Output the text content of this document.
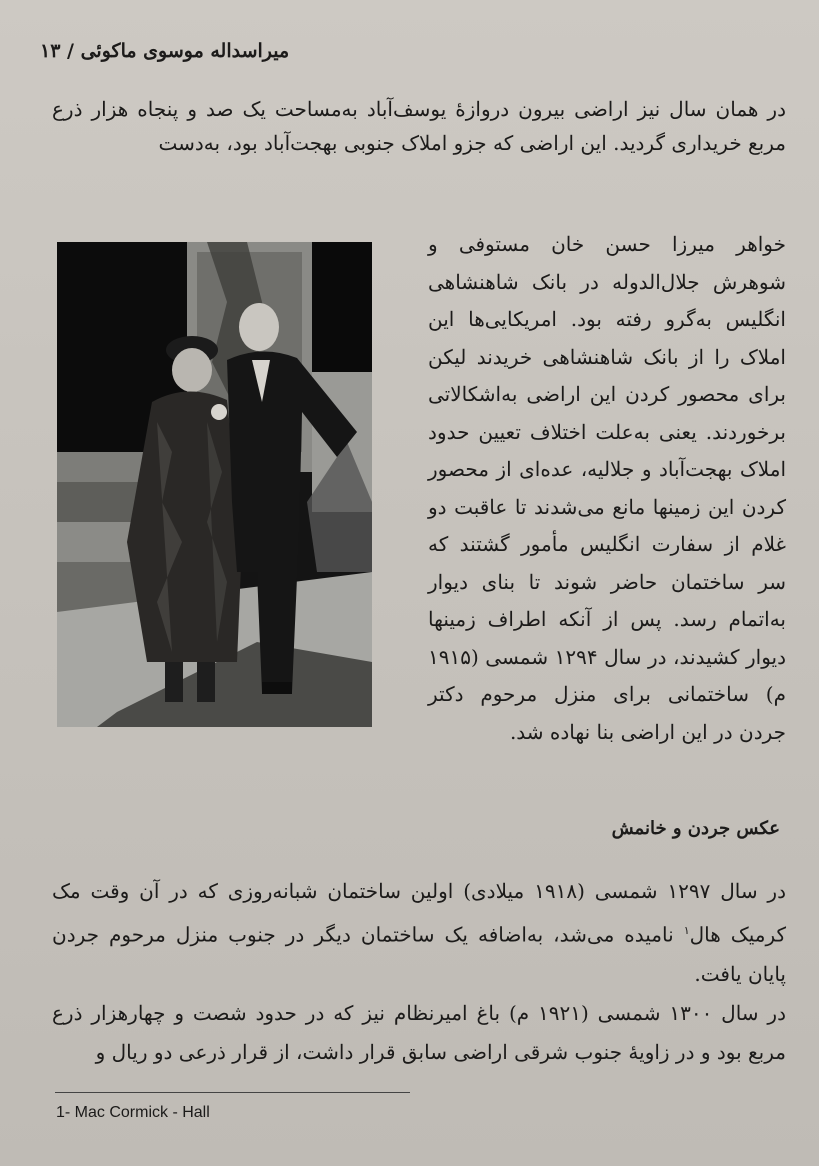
میراسداله موسوی ماکوئی / ۱۳
در همان سال نیز اراضی بیرون دروازهٔ یوسف‌آباد به‌مساحت یک صد و پنجاه هزار ذرع مربع خریداری گردید. این اراضی که جزو املاک جنوبی بهجت‌آباد بود، به‌دست
خواهر میرزا حسن خان مستوفی و شوهرش جلال‌الدوله در بانک شاهنشاهی انگلیس به‌گرو رفته بود. امریکایی‌ها این املاک را از بانک شاهنشاهی خریدند لیکن برای محصور کردن این اراضی به‌اشکالاتی برخوردند. یعنی به‌علت اختلاف تعیین حدود املاک بهجت‌آباد و جلالیه، عده‌ای از محصور کردن این زمینها مانع می‌شدند تا عاقبت دو غلام از سفارت انگلیس مأمور گشتند که سر ساختمان حاضر شوند تا بنای دیوار به‌اتمام رسد. پس از آنکه اطراف زمینها دیوار کشیدند، در سال ۱۲۹۴ شمسی (۱۹۱۵ م) ساختمانی برای منزل مرحوم دکتر جردن در این اراضی بنا نهاده شد.
عکس جردن و خانمش
در سال ۱۲۹۷ شمسی (۱۹۱۸ میلادی) اولین ساختمان شبانه‌روزی که در آن وقت مک کرمیک هال$^۱$ نامیده می‌شد، به‌اضافه یک ساختمان دیگر در جنوب منزل مرحوم جردن پایان یافت.
در سال ۱۳۰۰ شمسی (۱۹۲۱ م) باغ امیرنظام نیز که در حدود شصت و چهارهزار ذرع مربع بود و در زاویهٔ جنوب شرقی اراضی سابق قرار داشت، از قرار ذرعی دو ریال و
1- Mac Cormick - Hall
